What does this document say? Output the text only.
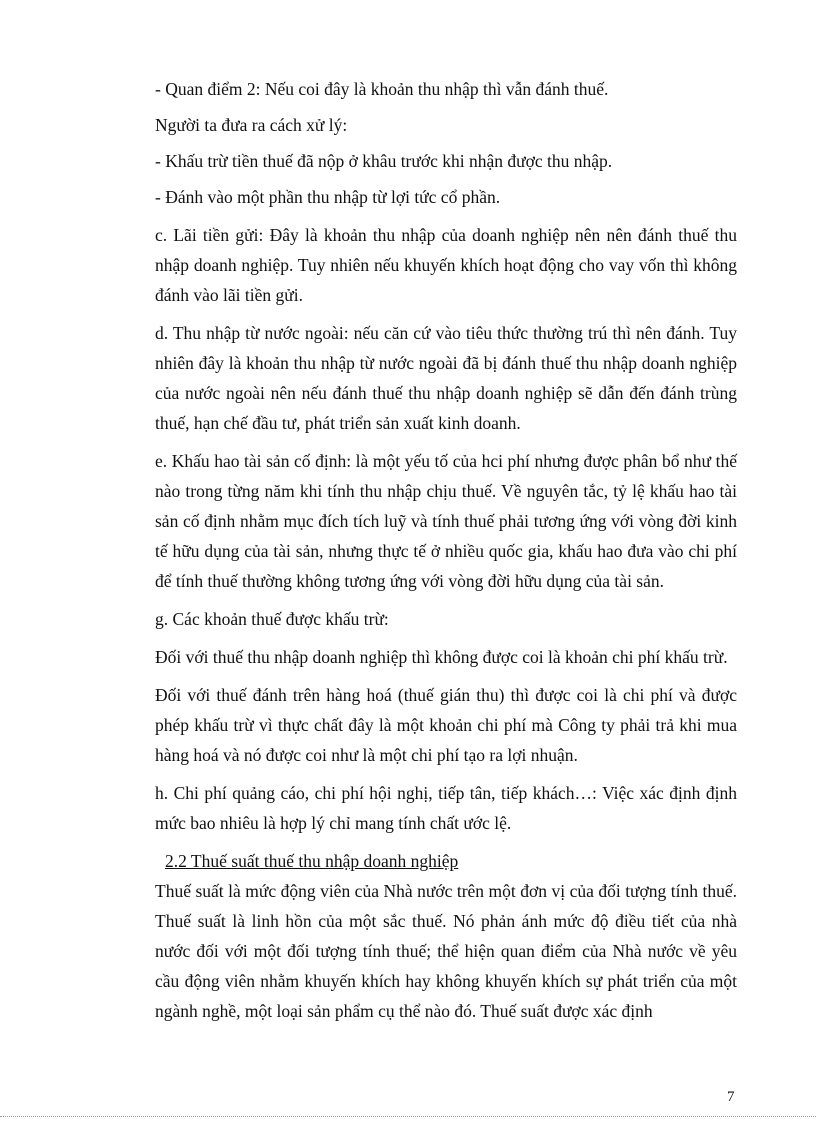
- Quan điểm 2: Nếu coi đây là khoản thu nhập thì vẫn đánh thuế.

Người ta đưa ra cách xử lý:

- Khấu trừ tiền thuế đã nộp ở khâu trước khi nhận được thu nhập.

- Đánh vào một phần thu nhập từ lợi tức cổ phần.

c. Lãi tiền gửi: Đây là khoản thu nhập của doanh nghiệp nên nên đánh thuế thu nhập doanh nghiệp. Tuy nhiên nếu khuyến khích hoạt động cho vay vốn thì không đánh vào lãi tiền gửi.

d. Thu nhập từ nước ngoài: nếu căn cứ vào tiêu thức thường trú thì nên đánh. Tuy nhiên đây là khoản thu nhập từ nước ngoài đã bị đánh thuế thu nhập doanh nghiệp của nước ngoài nên nếu đánh thuế thu nhập doanh nghiệp sẽ dẫn đến đánh trùng thuế, hạn chế đầu tư, phát triển sản xuất kinh doanh.

e. Khấu hao tài sản cố định: là một yếu tố của hci phí nhưng được phân bổ như thế nào trong từng năm khi tính thu nhập chịu thuế. Về nguyên tắc, tỷ lệ khấu hao tài sản cố định nhằm mục đích tích luỹ và tính thuế phải tương ứng với vòng đời kinh tế hữu dụng của tài sản, nhưng thực tế ở nhiều quốc gia, khấu hao đưa vào chi phí để tính thuế thường không tương ứng với vòng đời hữu dụng của tài sản.

g. Các khoản thuế được khấu trừ:

Đối với thuế thu nhập doanh nghiệp thì không được coi là khoản chi phí khấu trừ.

Đối với thuế đánh trên hàng hoá (thuế gián thu) thì được coi là chi phí và được phép khấu trừ vì thực chất đây là một khoản chi phí mà Công ty phải trả khi mua hàng hoá và nó được coi như là một chi phí tạo ra lợi nhuận.

h. Chi phí quảng cáo, chi phí hội nghị, tiếp tân, tiếp khách…: Việc xác định định mức bao nhiêu là hợp lý chỉ mang tính chất ước lệ.

2.2 Thuế suất thuế thu nhập doanh nghiệp

Thuế suất là mức động viên của Nhà nước trên một đơn vị của đối tượng tính thuế. Thuế suất là linh hồn của một sắc thuế. Nó phản ánh mức độ điều tiết của nhà nước đối với một đối tượng tính thuế; thể hiện quan điểm của Nhà nước về yêu cầu động viên nhằm khuyến khích hay không khuyến khích sự phát triển của một ngành nghề, một loại sản phẩm cụ thể nào đó. Thuế suất được xác định

7
